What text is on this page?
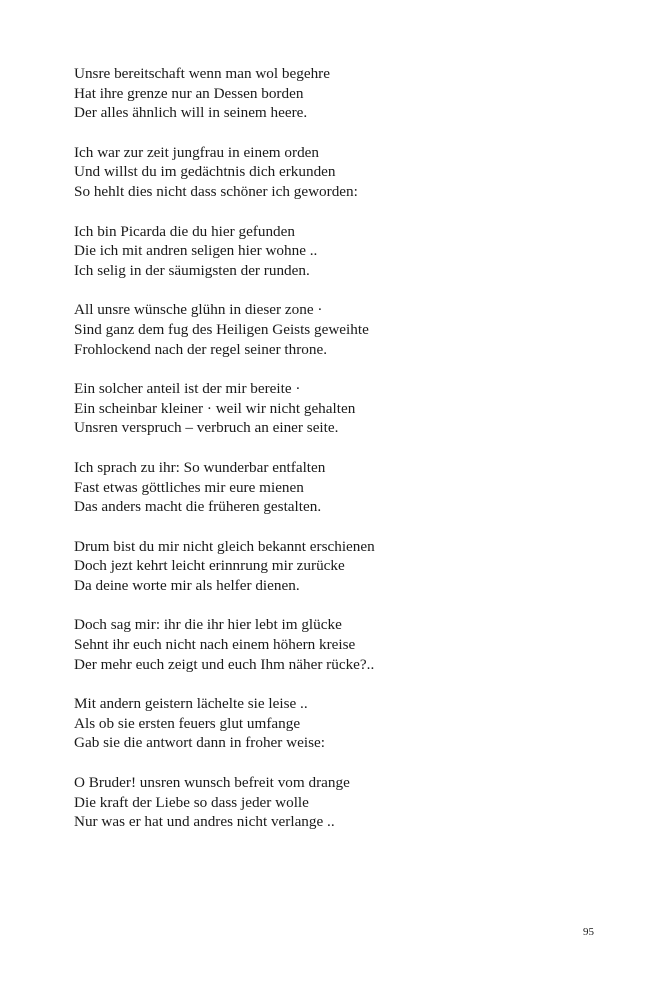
Unsre bereitschaft wenn man wol begehre
Hat ihre grenze nur an Dessen borden
Der alles ähnlich will in seinem heere.
Ich war zur zeit jungfrau in einem orden
Und willst du im gedächtnis dich erkunden
So hehlt dies nicht dass schöner ich geworden:
Ich bin Picarda die du hier gefunden
Die ich mit andren seligen hier wohne ..
Ich selig in der säumigsten der runden.
All unsre wünsche glühn in dieser zone ·
Sind ganz dem fug des Heiligen Geists geweihte
Frohlockend nach der regel seiner throne.
Ein solcher anteil ist der mir bereite ·
Ein scheinbar kleiner · weil wir nicht gehalten
Unsren verspruch – verbruch an einer seite.
Ich sprach zu ihr: So wunderbar entfalten
Fast etwas göttliches mir eure mienen
Das anders macht die früheren gestalten.
Drum bist du mir nicht gleich bekannt erschienen
Doch jezt kehrt leicht erinnrung mir zurücke
Da deine worte mir als helfer dienen.
Doch sag mir: ihr die ihr hier lebt im glücke
Sehnt ihr euch nicht nach einem höhern kreise
Der mehr euch zeigt und euch Ihm näher rücke?..
Mit andern geistern lächelte sie leise ..
Als ob sie ersten feuers glut umfange
Gab sie die antwort dann in froher weise:
O Bruder! unsren wunsch befreit vom drange
Die kraft der Liebe so dass jeder wolle
Nur was er hat und andres nicht verlange ..
95
